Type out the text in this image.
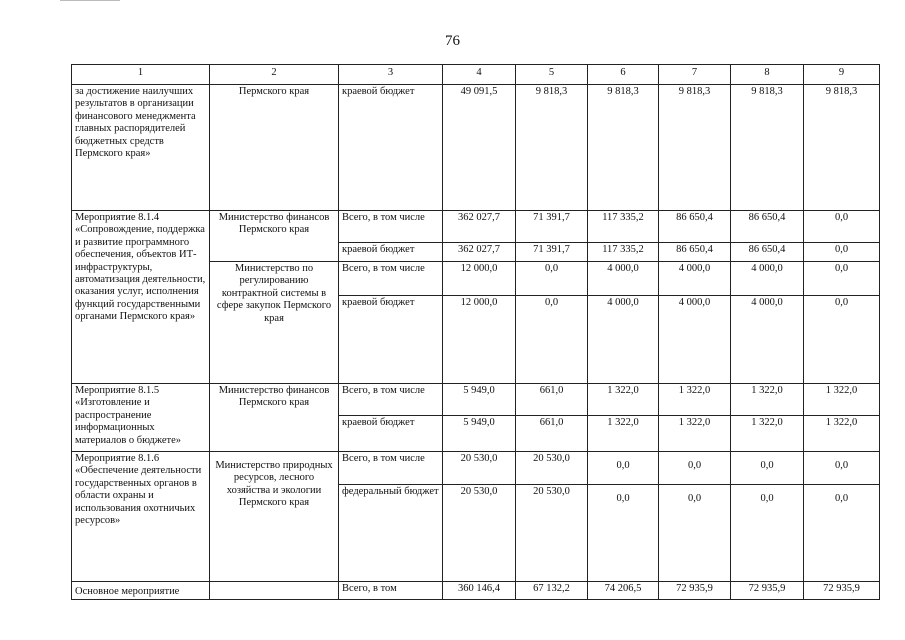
76
1	2	3	4	5	6	7	8	9
за достижение наилучших результатов в организации финансового менеджмента главных распорядителей бюджетных средств Пермского края»	Пермского края	краевой бюджет	49 091,5	9 818,3	9 818,3	9 818,3	9 818,3	9 818,3
Мероприятие 8.1.4 «Сопровождение, поддержка и развитие программного обеспечения, объектов ИТ-инфраструктуры, автоматизация деятельности, оказания услуг, исполнения функций государственными органами Пермского края»	Министерство финансов Пермского края	Всего, в том числе	362 027,7	71 391,7	117 335,2	86 650,4	86 650,4	0,0
		краевой бюджет	362 027,7	71 391,7	117 335,2	86 650,4	86 650,4	0,0
	Министерство по регулированию контрактной системы в сфере закупок Пермского края	Всего, в том числе	12 000,0	0,0	4 000,0	4 000,0	4 000,0	0,0
		краевой бюджет	12 000,0	0,0	4 000,0	4 000,0	4 000,0	0,0
Мероприятие 8.1.5 «Изготовление и распространение информационных материалов о бюджете»	Министерство финансов Пермского края	Всего, в том числе	5 949,0	661,0	1 322,0	1 322,0	1 322,0	1 322,0
		краевой бюджет	5 949,0	661,0	1 322,0	1 322,0	1 322,0	1 322,0
Мероприятие 8.1.6 «Обеспечение деятельности государственных органов в области охраны и использования охотничьих ресурсов»	Министерство природных ресурсов, лесного хозяйства и экологии Пермского края	Всего, в том числе	20 530,0	20 530,0	0,0	0,0	0,0	0,0
		федеральный бюджет	20 530,0	20 530,0	0,0	0,0	0,0	0,0
Основное мероприятие		Всего, в том	360 146,4	67 132,2	74 206,5	72 935,9	72 935,9	72 935,9
